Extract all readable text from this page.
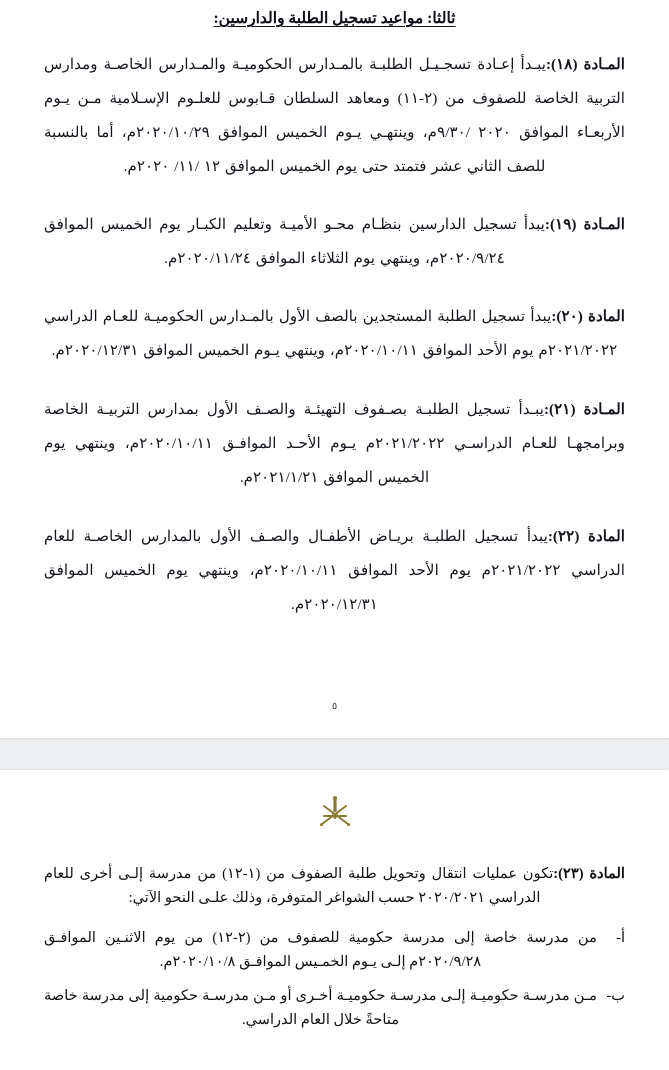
ثالثا: مواعيد تسجيل الطلبة والدارسين:

المـادة (١٨):يبـدأ إعـادة تسجـيـل الطلبـة بالمـدارس الحكوميـة والمـدارس الخاصـة ومدارس التربية الخاصة للصفوف من (٢-١١) ومعاهد السلطان قـابوس للعلـوم الإسـلامية مـن يـوم الأربعـاء الموافق ٢٠٢٠ /٩/٣٠م، وينتهـي يـوم الخميس الموافق ٢٠٢٠/١٠/٢٩م، أما بالنسبة للصف الثاني عشر فتمتد حتى يوم الخميس الموافق ١٢ /١١/ ٢٠٢٠م.

المـادة (١٩):يبدأ تسجيل الدارسين بنظـام محـو الأميـة وتعليم الكبـار يوم الخميس الموافق ٢٠٢٠/٩/٢٤م، وينتهي يوم الثلاثاء الموافق ٢٠٢٠/١١/٢٤م.

المادة (٢٠):يبدأ تسجيل الطلبة المستجدين بالصف الأول بالمـدارس الحكوميـة للعـام الدراسي ٢٠٢١/٢٠٢٢م يوم الأحد الموافق ٢٠٢٠/١٠/١١م، وينتهي يـوم الخميس الموافق ٢٠٢٠/١٢/٣١م.

المـادة (٢١):يبـدأ تسجيل الطلبـة بصـفوف التهيئـة والصـف الأول بمدارس التربيـة الخاصة وبرامجهـا للعـام الدراسـي ٢٠٢١/٢٠٢٢م يـوم الأحـد الموافـق ٢٠٢٠/١٠/١١م، وينتهي يوم الخميس الموافق ٢٠٢١/١/٢١م.

المادة (٢٢):يبدأ تسجيل الطلبـة بريـاض الأطفـال والصـف الأول بالمدارس الخاصـة للعام الدراسي ٢٠٢١/٢٠٢٢م يوم الأحد الموافق ٢٠٢٠/١٠/١١م، وينتهي يوم الخميس الموافق ٢٠٢٠/١٢/٣١م.

٥

المادة (٢٣):تكون عمليات انتقال وتحويل طلبة الصفوف من (١-١٢) من مدرسة إلـى أخرى للعام الدراسي ٢٠٢٠/٢٠٢١ حسب الشواغر المتوفرة، وذلك علـى النحو الآتي:

أ-
من مدرسة خاصة إلى مدرسة حكومية للصفوف من (٢-١٢) من يوم الاثنـين الموافـق ٢٠٢٠/٩/٢٨م إلـى يـوم الخمـيس الموافـق ٢٠٢٠/١٠/٨م.
ب-
مـن مدرسـة حكوميـة إلـى مدرسـة حكوميـة أخـرى أو مـن مدرسـة حكومية إلى مدرسة خاصة متاحةً خلال العام الدراسي.
